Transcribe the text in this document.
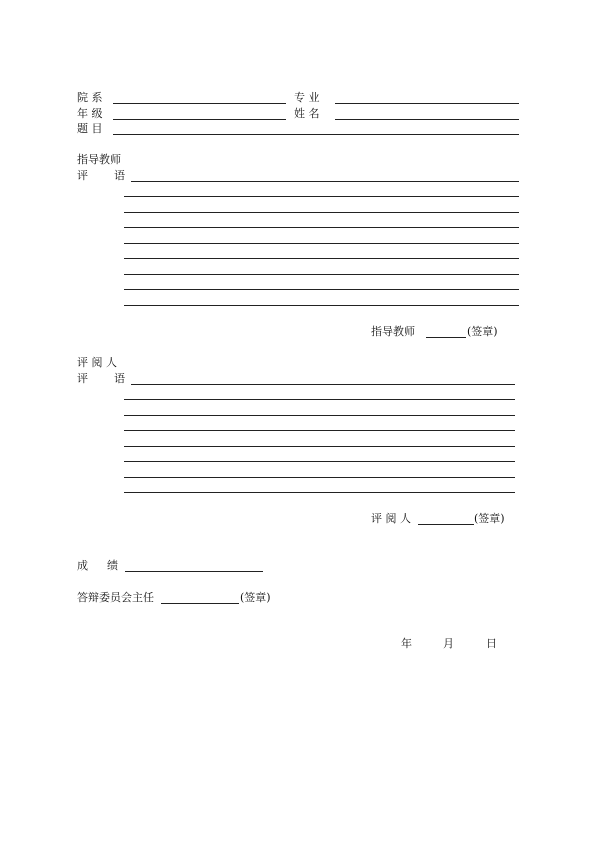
院 系	专 业
年 级	姓 名
题 目
指导教师
评 语
指导教师	(签章)
评 阅 人
评 语
评 阅 人	(签章)
成 绩
答辩委员会主任	(签章)
年	月	日
